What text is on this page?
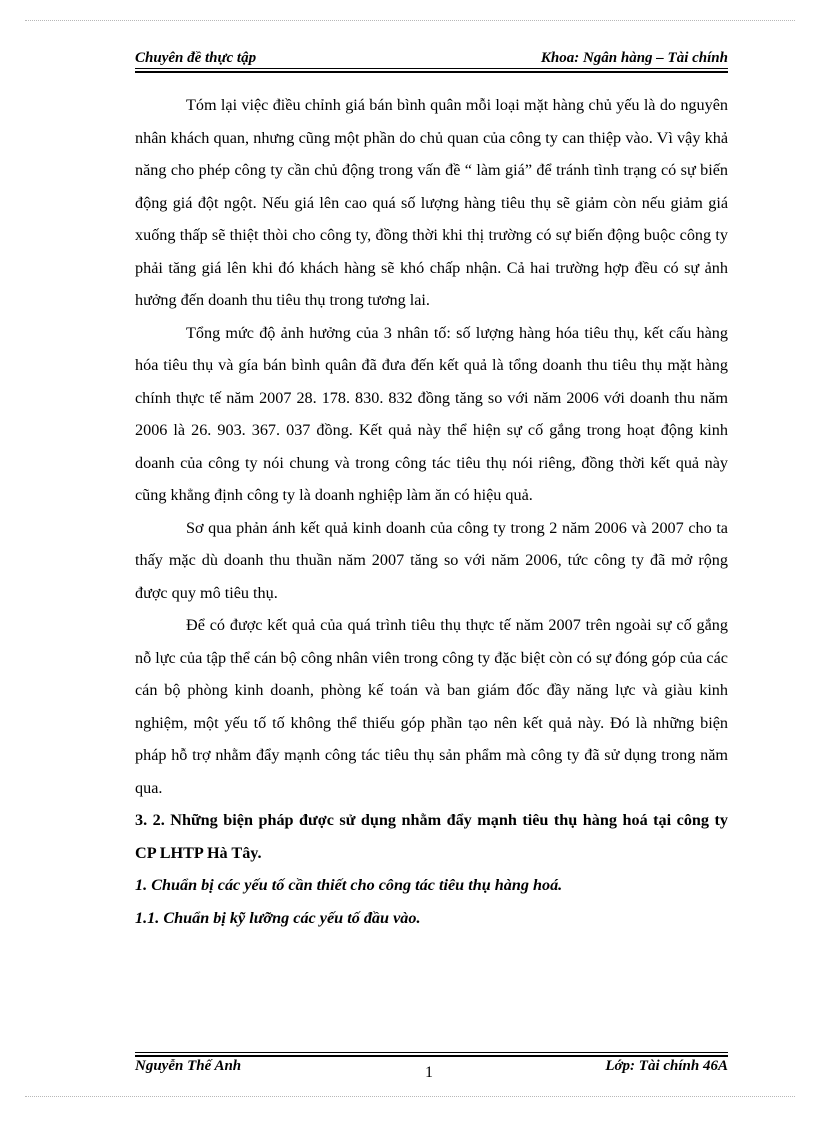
Chuyên đề thực tập	Khoa: Ngân hàng – Tài chính

Tóm lại việc điều chỉnh giá bán bình quân mỗi loại mặt hàng chủ yếu là do nguyên nhân khách quan, nhưng cũng một phần do chủ quan của công ty can thiệp vào. Vì vậy khả năng cho phép công ty cần chủ động trong vấn đề “ làm giá” để tránh tình trạng có sự biến động giá đột ngột. Nếu giá lên cao quá số lượng hàng tiêu thụ sẽ giảm còn nếu giảm giá xuống thấp sẽ thiệt thòi cho công ty, đồng thời khi thị trường có sự biến động buộc công ty phải tăng giá lên khi đó khách hàng sẽ khó chấp nhận. Cả hai trường hợp đều có sự ảnh hưởng đến doanh thu tiêu thụ trong tương lai.

Tổng mức độ ảnh hưởng của 3 nhân tố: số lượng hàng hóa tiêu thụ, kết cấu hàng hóa tiêu thụ và gía bán bình quân đã đưa đến kết quả là tổng doanh thu tiêu thụ mặt hàng chính thực tế năm 2007 28. 178. 830. 832 đồng tăng so với năm 2006 với doanh thu năm 2006 là 26. 903. 367. 037 đồng. Kết quả này thể hiện sự cố gắng trong hoạt động kinh doanh của công ty nói chung và trong công tác tiêu thụ nói riêng, đồng thời kết quả này cũng khẳng định công ty là doanh nghiệp làm ăn có hiệu quả.

Sơ qua phản ánh kết quả kinh doanh của công ty trong 2 năm 2006 và 2007 cho ta thấy mặc dù doanh thu thuần năm 2007 tăng so với năm 2006, tức công ty đã mở rộng được quy mô tiêu thụ.

Để có được kết quả của quá trình tiêu thụ thực tế năm 2007 trên ngoài sự cố gắng nỗ lực của tập thể cán bộ công nhân viên trong công ty đặc biệt còn có sự đóng góp của các cán bộ phòng kinh doanh, phòng kế toán và ban giám đốc đầy năng lực và giàu kinh nghiệm, một yếu tố tố không thể thiếu góp phần tạo nên kết quả này. Đó là những biện pháp hỗ trợ nhằm đẩy mạnh công tác tiêu thụ sản phẩm mà công ty đã sử dụng trong năm qua.

3. 2. Những biện pháp được sử dụng nhằm đẩy mạnh tiêu thụ hàng hoá tại công ty CP LHTP Hà Tây.

1. Chuẩn bị các yếu tố cần thiết cho công tác tiêu thụ hàng hoá.

1.1. Chuẩn bị kỹ lưỡng các yếu tố đầu vào.

Nguyễn Thế Anh	1	Lớp: Tài chính 46A
